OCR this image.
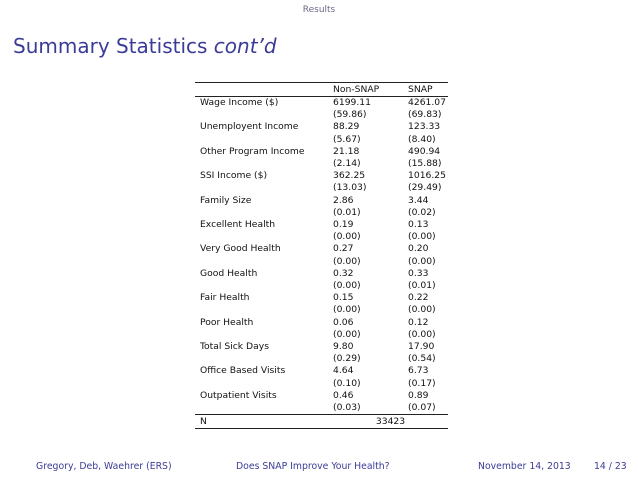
Results
Summary Statistics cont’d
	Non-SNAP	SNAP
Wage Income ($)	6199.11	4261.07
	(59.86)	(69.83)
Unemployent Income	88.29	123.33
	(5.67)	(8.40)
Other Program Income	21.18	490.94
	(2.14)	(15.88)
SSI Income ($)	362.25	1016.25
	(13.03)	(29.49)
Family Size	2.86	3.44
	(0.01)	(0.02)
Excellent Health	0.19	0.13
	(0.00)	(0.00)
Very Good Health	0.27	0.20
	(0.00)	(0.00)
Good Health	0.32	0.33
	(0.00)	(0.01)
Fair Health	0.15	0.22
	(0.00)	(0.00)
Poor Health	0.06	0.12
	(0.00)	(0.00)
Total Sick Days	9.80	17.90
	(0.29)	(0.54)
Office Based Visits	4.64	6.73
	(0.10)	(0.17)
Outpatient Visits	0.46	0.89
	(0.03)	(0.07)
N	33423	
Gregory, Deb, Waehrer (ERS)	Does SNAP Improve Your Health?	November 14, 2013	14 / 23
